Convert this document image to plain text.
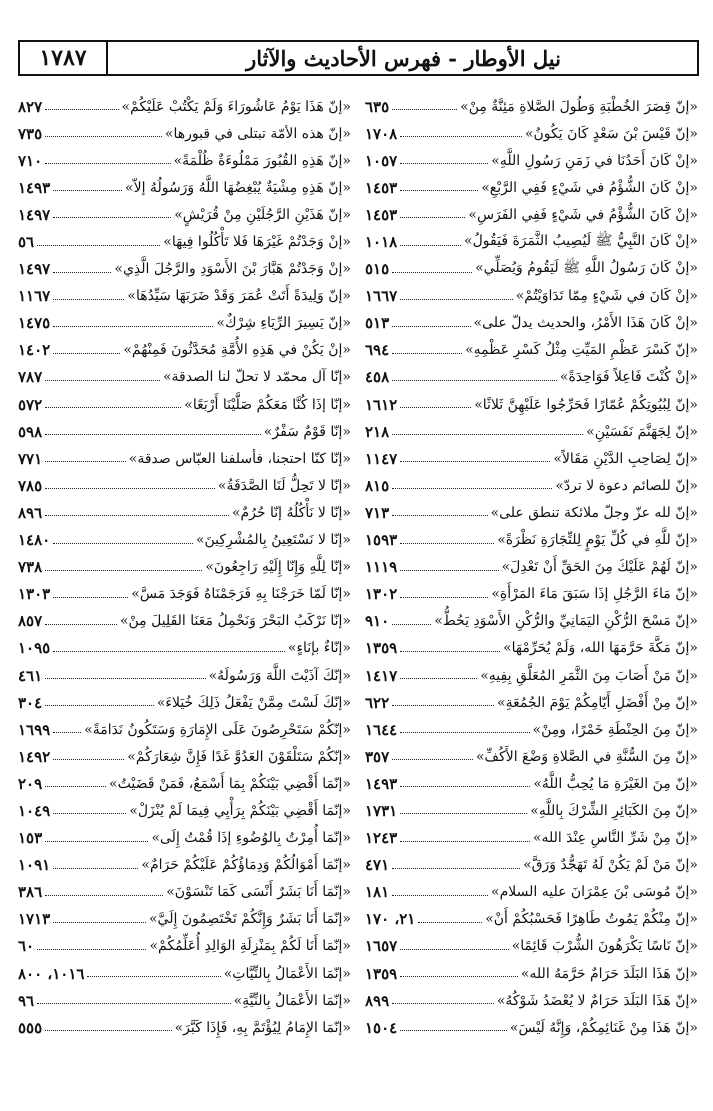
١٧٨٧	نيل الأوطار - فهرس الأحاديث والآثار
«إنّ قِصَرَ الخُطْبَةِ وَطُولَ الصَّلاةِ مَئِنَّةٌ مِنْ»
٦٣٥
«إنّ قَيْسَ بْنَ سَعْدٍ كَانَ يَكُونُ»
١٧٠٨
«إنْ كَانَ أَحَدُنَا في زَمَنِ رَسُولِ اللَّهِ»
١٠٥٧
«إنْ كَانَ الشُّؤْمُ في شَيْءٍ فَفِي الرَّبْعِ»
١٤٥٣
«إنْ كَانَ الشُّؤْمُ في شَيْءٍ فَفِي الفَرَسِ»
١٤٥٣
«إنْ كَانَ النَّبِيُّ ﷺ لَيُصِيبُ الثَّمَرَةَ فَيَقُولُ»
١٠١٨
«إنْ كَانَ رَسُولُ اللَّهِ ﷺ لَيَقُومُ وَيُصَلِّي»
٥١٥
«إنْ كَانَ في شَيْءٍ مِمّا تَدَاوَيْتُمْ»
١٦٦٧
«إنْ كَانَ هَذَا الأَمْرُ، والحديث يدلّ على»
٥١٣
«إنّ كَسْرَ عَظْمِ المَيِّتِ مِثْلُ كَسْرِ عَظْمِهِ»
٦٩٤
«إنْ كُنْتَ فَاعِلاً فَوَاحِدَةً»
٤٥٨
«إنّ لِبُيُوتِكُمْ عُمّارًا فَحَرِّجُوا عَلَيْهِنَّ ثَلاثًا»
١٦١٢
«إنّ لِجَهَنَّمَ نَفَسَيْنِ»
٢١٨
«إنّ لِصَاحِبِ الدَّيْنِ مَقَالاً»
١١٤٧
«إنّ للصائم دعوة لا تردّ»
٨١٥
«إنّ لله عزّ وجلّ ملائكة تنطق على»
٧١٣
«إنّ للَّهِ في كُلِّ يَوْمٍ لِلتِّجَارَةِ نَظْرَةً»
١٥٩٣
«إنّ لَهُمْ عَلَيْكَ مِنَ الحَقِّ أَنْ تَعْدِلَ»
١١١٩
«إنّ مَاءَ الرَّجُلِ إذَا سَبَقَ مَاءَ المَرْأَةِ»
١٣٠٢
«إنّ مَسْحَ الرُّكْنِ اليَمَانِيِّ والرُّكْنِ الأَسْوَدِ يَحُطُّ»
٩١٠
«إنّ مَكَّةَ حَرَّمَهَا الله، وَلَمْ يُحَرِّمْهَا»
١٣٥٩
«إنّ مَنْ أَصَابَ مِنَ الثَّمَرِ المُعَلَّقِ بِفِيهِ»
١٤١٧
«إنّ مِنْ أَفْضَلِ أَيّامِكُمْ يَوْمَ الجُمُعَةِ»
٦٢٢
«إنّ مِنَ الحِنْطَةِ خَمْرًا، ومِنْ»
١٦٤٤
«إنّ مِنَ السُّنَّةِ في الصَّلاةِ وَضْعَ الأَكُفِّ»
٣٥٧
«إنّ مِنَ الغَيْرَةِ مَا يُحِبُّ اللَّهُ»
١٤٩٣
«إنّ مِنَ الكَبَائِرِ الشِّرْكَ بِاللَّهِ»
١٧٣١
«إنّ مِنْ شَرِّ النَّاسِ عِنْدَ الله»
١٢٤٣
«إنّ مَنْ لَمْ يَكُنْ لَهُ تَهَجُّدٌ وَرَقَّ»
٤٧١
«إنّ مُوسَى بْنَ عِمْرَانَ عليه السلام»
١٨١
«إنّ مِنْكُمْ يَمُوتُ طَاهِرًا فَحَسْبُكُمْ أَنْ»
٢١، ١٧٠
«إنّ نَاسًا يَكْرَهُونَ الشُّرْبَ قَائِمًا»
١٦٥٧
«إنّ هَذَا البَلَدَ حَرَامٌ حَرَّمَهُ الله»
١٣٥٩
«إنّ هَذَا البَلَدَ حَرَامٌ لا يُعْضَدُ شَوْكُهُ»
٨٩٩
«إنّ هَذَا مِنْ غَنَائِمِكُمْ، وَإِنَّهُ لَيْسَ»
١٥٠٤
«إنّ هَذَا يَوْمُ عَاشُورَاءَ وَلَمْ يَكْتُبْ عَلَيْكُمْ»
٨٢٧
«إنّ هذه الأمّة تبتلى في قبورها»
٧٣٥
«إنّ هَذِهِ القُبُورَ مَمْلُوءَةٌ ظُلْمَةً»
٧١٠
«إنّ هَذِهِ مِشْيَةٌ يُبْغِضُهَا اللَّهُ وَرَسُولُهُ إلاّ»
١٤٩٣
«إنّ هَذَيْنِ الرَّجُلَيْنِ مِنْ قُرَيْشٍ»
١٤٩٧
«إنْ وَجَدْتُمْ غَيْرَهَا فَلا تَأْكُلُوا فِيهَا»
٥٦
«إنْ وَجَدْتُمْ هَبَّارَ بْنَ الأَسْوَدِ والرَّجُلَ الَّذِي»
١٤٩٧
«إنّ وَلِيدَةً أَتَتْ عُمَرَ وَقَدْ ضَرَبَهَا سَيِّدُهَا»
١١٦٧
«إنّ يَسِيرَ الرِّيَاءِ شِرْكٌ»
١٤٧٥
«إنْ يَكُنْ في هَذِهِ الأُمَّةِ مُحَدَّثُونَ فَمِنْهُمْ»
١٤٠٢
«إنّا آل محمّد لا تحلّ لنا الصدقة»
٧٨٧
«إنّا إذَا كُنَّا مَعَكُمْ صَلَّيْنَا أَرْبَعًا»
٥٧٢
«إنّا قَوْمٌ سَفْرٌ»
٥٩٨
«إنّا كنّا احتجنا، فأسلفنا العبّاس صدقة»
٧٧١
«إنّا لا تَحِلُّ لَنَا الصَّدَقَةُ»
٧٨٥
«إنّا لا نَأْكُلُهُ إنّا حُرُمٌ»
٨٩٦
«إنّا لا نَسْتَعِينُ بِالمُشْرِكِينَ»
١٤٨٠
«إنّا لِلَّهِ وَإِنّا إِلَيْهِ رَاجِعُونَ»
٧٣٨
«إنّا لَمّا خَرَجْنَا بِهِ فَرَجَمْنَاهُ فَوَجَدَ مَسَّ»
١٣٠٣
«إنّا نَرْكَبُ البَحْرَ وَنَحْمِلُ مَعَنَا القَلِيلَ مِنْ»
٨٥٧
«إنّاءٌ بإنَاءٍ»
١٠٩٥
«إنّكَ آذَيْتَ اللَّهَ وَرَسُولَهُ»
٤٦١
«إنّكَ لَسْتَ مِمَّنْ يَفْعَلُ ذَلِكَ خُيَلاءَ»
٣٠٤
«إنّكُمْ سَتَحْرِصُونَ عَلَى الإِمَارَةِ وَسَتَكُونُ نَدَامَةً»
١٦٩٩
«إنّكُمْ سَتَلْقَوْنَ العَدُوَّ غَدًا فَإِنَّ شِعَارَكُمْ»
١٤٩٢
«إنّمَا أَقْضِي بَيْنَكُمْ بِمَا أَسْمَعُ، فَمَنْ قَضَيْتُ»
٢٠٩
«إنّمَا أَقْضِي بَيْنَكُمْ بِرَأْيِي فِيمَا لَمْ يُنْزَلْ»
١٠٤٩
«إنّمَا أُمِرْتُ بِالوُضُوءِ إذَا قُمْتُ إِلَى»
١٥٣
«إنّمَا أَمْوَالُكُمْ وَدِمَاؤُكُمْ عَلَيْكُمْ حَرَامٌ»
١٠٩١
«إنّمَا أَنَا بَشَرٌ أَنْسَى كَمَا تَنْسَوْنَ»
٣٨٦
«إنّمَا أَنَا بَشَرٌ وَإِنَّكُمْ تَخْتَصِمُونَ إِلَيَّ»
١٧١٣
«إنّمَا أَنَا لَكُمْ بِمَنْزِلَةِ الوَالِدِ أُعَلِّمُكُمْ»
٦٠
«إنّمَا الأَعْمَالُ بِالنِّيَّاتِ»
١٠١٦، ٨٠٠
«إنّمَا الأَعْمَالُ بِالنِّيَّةِ»
٩٦
«إنّمَا الإِمَامُ لِيُؤْتَمَّ بِهِ، فَإِذَا كَبَّرَ»
٥٥٥
